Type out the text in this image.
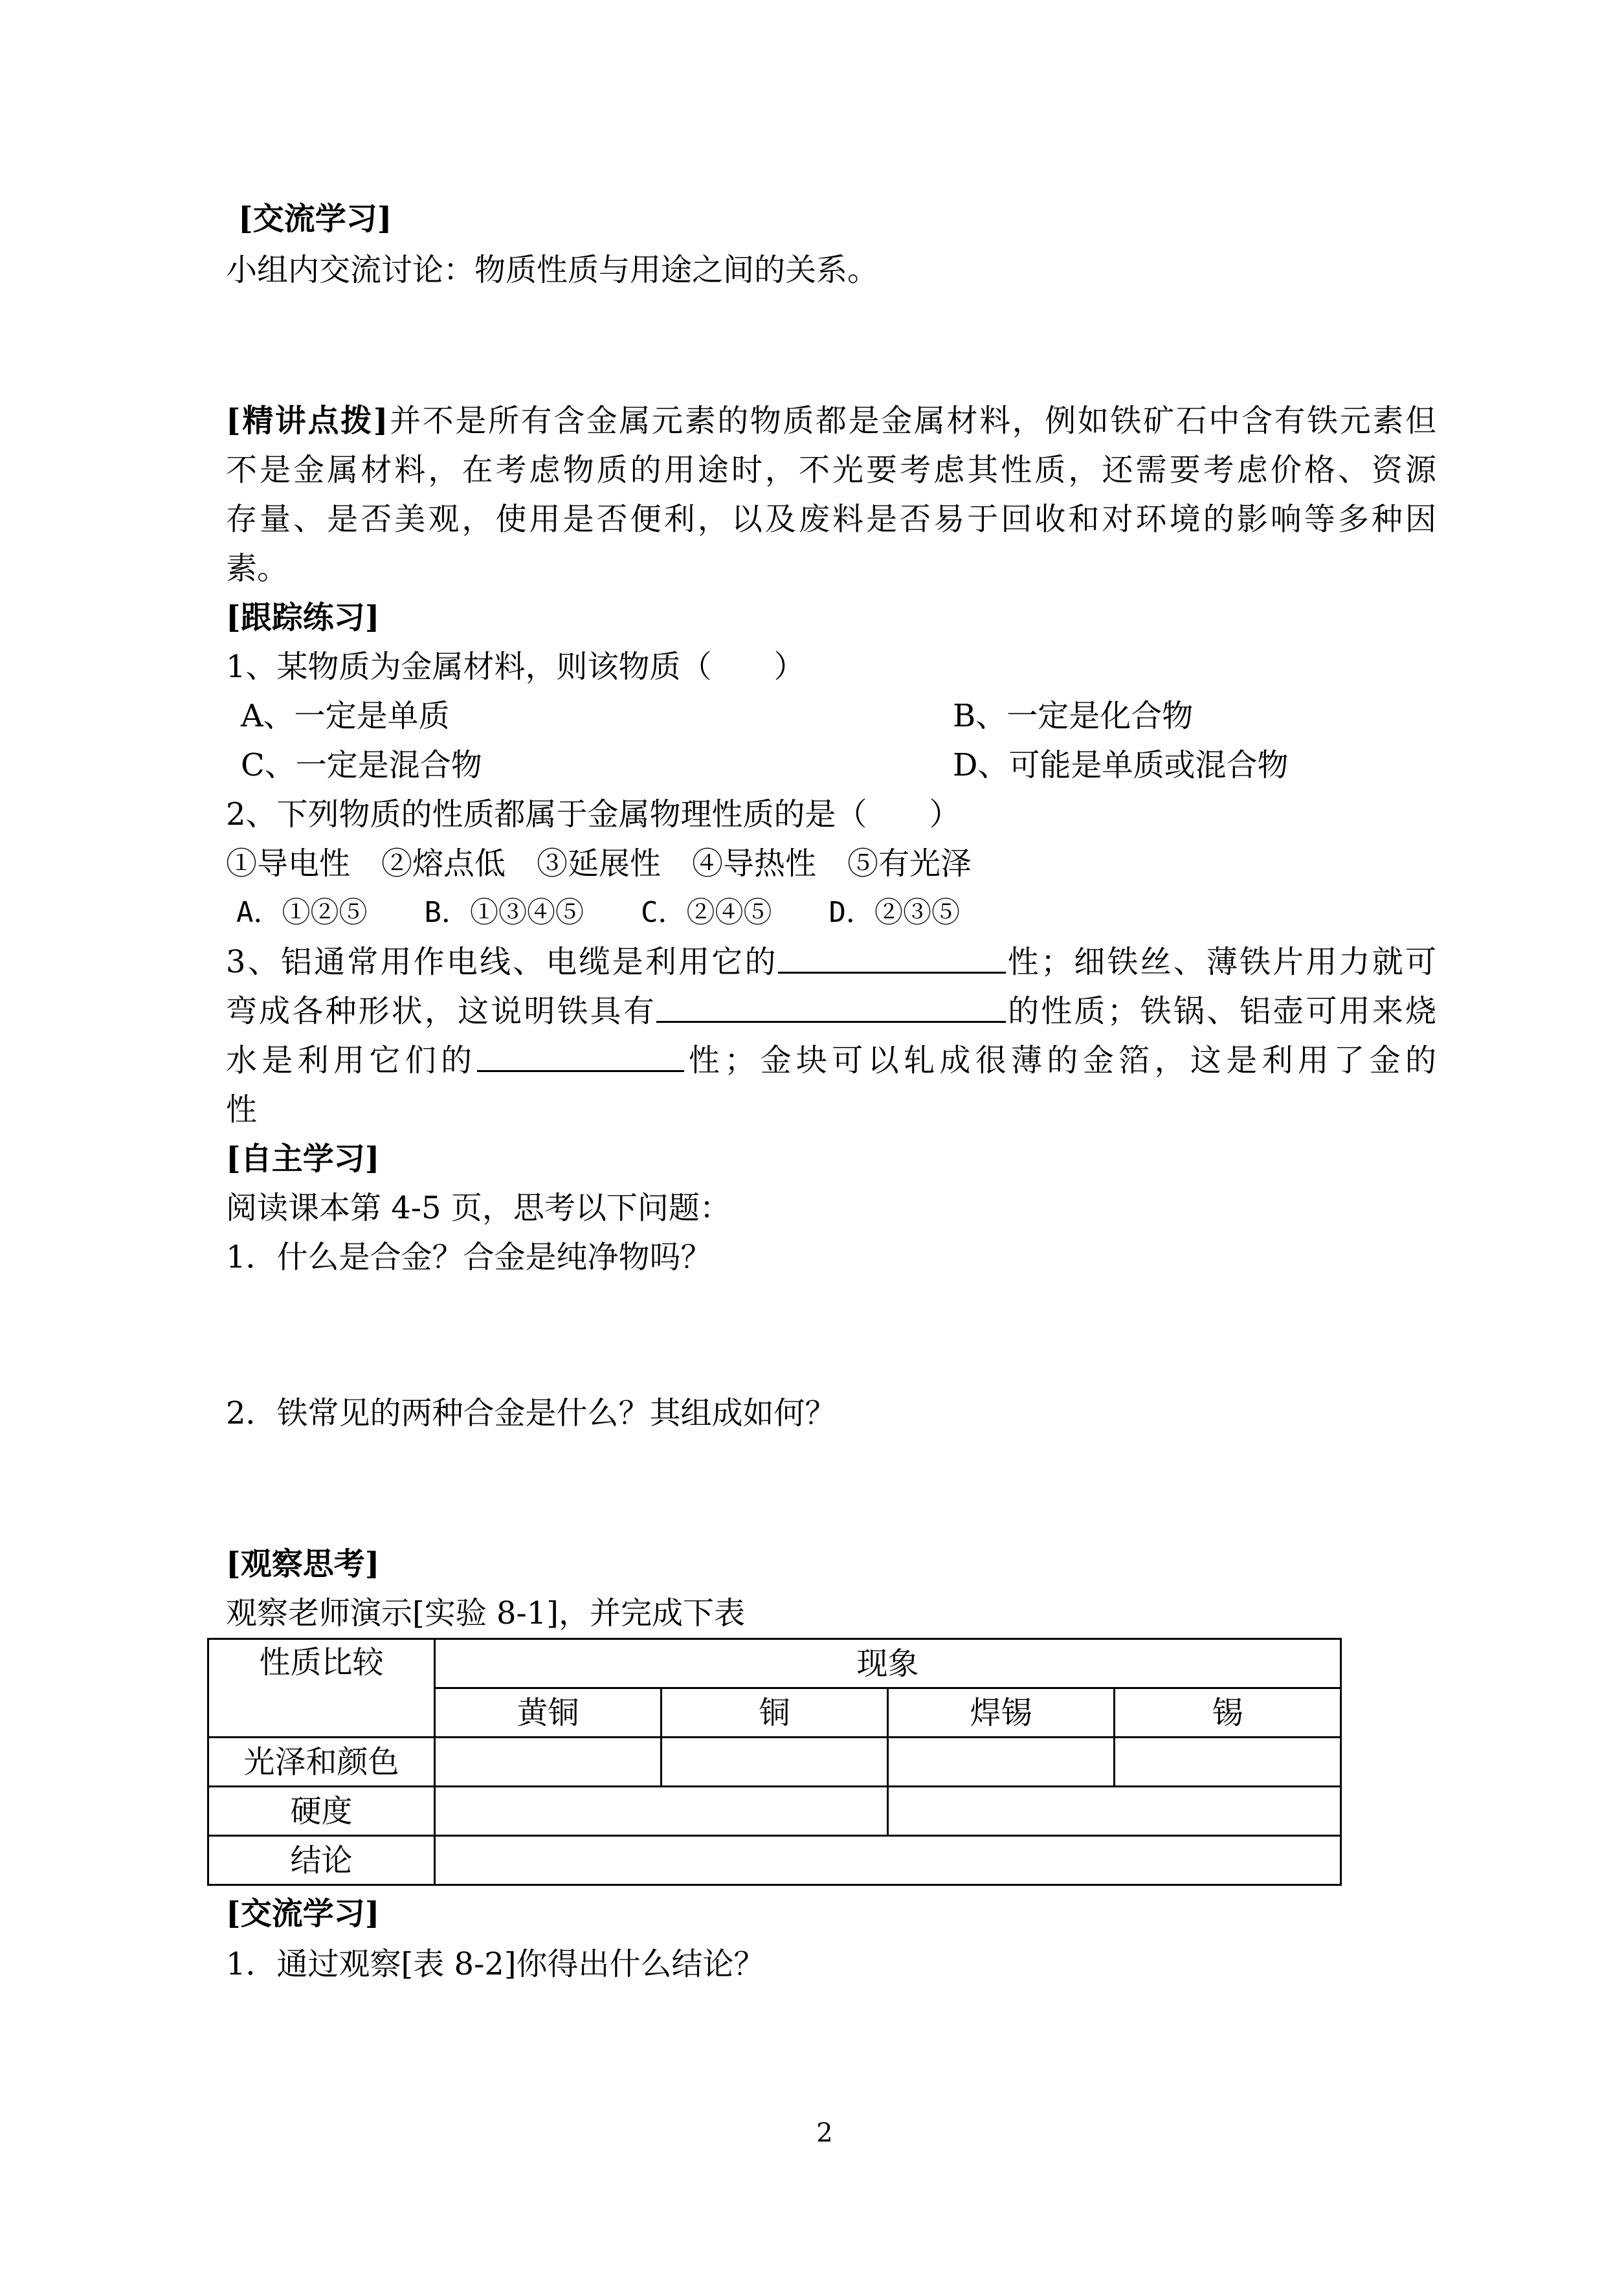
[交流学习]
小组内交流讨论：物质性质与用途之间的关系。
[精讲点拨]并不是所有含金属元素的物质都是金属材料，例如铁矿石中含有铁元素但
不是金属材料，在考虑物质的用途时，不光要考虑其性质，还需要考虑价格、资源
存量、是否美观，使用是否便利，以及废料是否易于回收和对环境的影响等多种因
素。
[跟踪练习]
1、某物质为金属材料，则该物质（　　）
A、一定是单质	B、一定是化合物
C、一定是混合物	D、可能是单质或混合物
2、下列物质的性质都属于金属物理性质的是（　　）
①导电性　②熔点低　③延展性　④导热性　⑤有光泽
A．①②⑤　　B．①③④⑤　　C．②④⑤　　D．②③⑤
3、铝通常用作电线、电缆是利用它的	性；细铁丝、薄铁片用力就可
弯成各种形状，这说明铁具有	的性质；铁锅、铝壶可用来烧
水是利用它们的	性；金块可以轧成很薄的金箔，这是利用了金的
性
[自主学习]
阅读课本第 4-5 页，思考以下问题：
1．什么是合金？合金是纯净物吗？
2．铁常见的两种合金是什么？其组成如何？
[观察思考]
观察老师演示[实验 8-1]，并完成下表
性质比较	现象			
	黄铜	铜	焊锡	锡
光泽和颜色				
硬度				
结论				
[交流学习]
1．通过观察[表 8-2]你得出什么结论？
2
